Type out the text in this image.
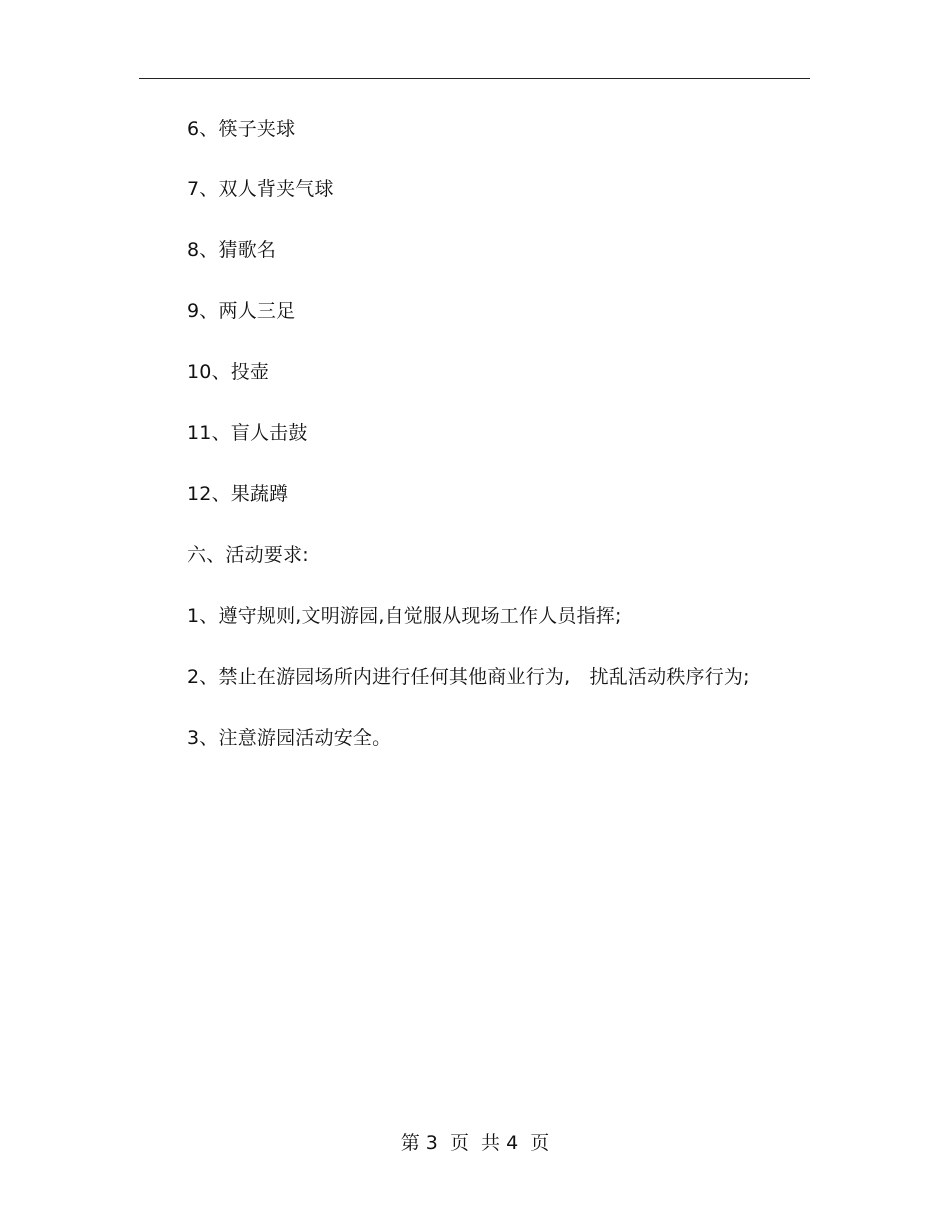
6、筷子夹球
7、双人背夹气球
8、猜歌名
9、两人三足
10、投壶
11、盲人击鼓
12、果蔬蹲
六、活动要求:
1、遵守规则,文明游园,自觉服从现场工作人员指挥;
2、禁止在游园场所内进行任何其他商业行为,　扰乱活动秩序行为;
3、注意游园活动安全。
第 3  页  共 4  页
